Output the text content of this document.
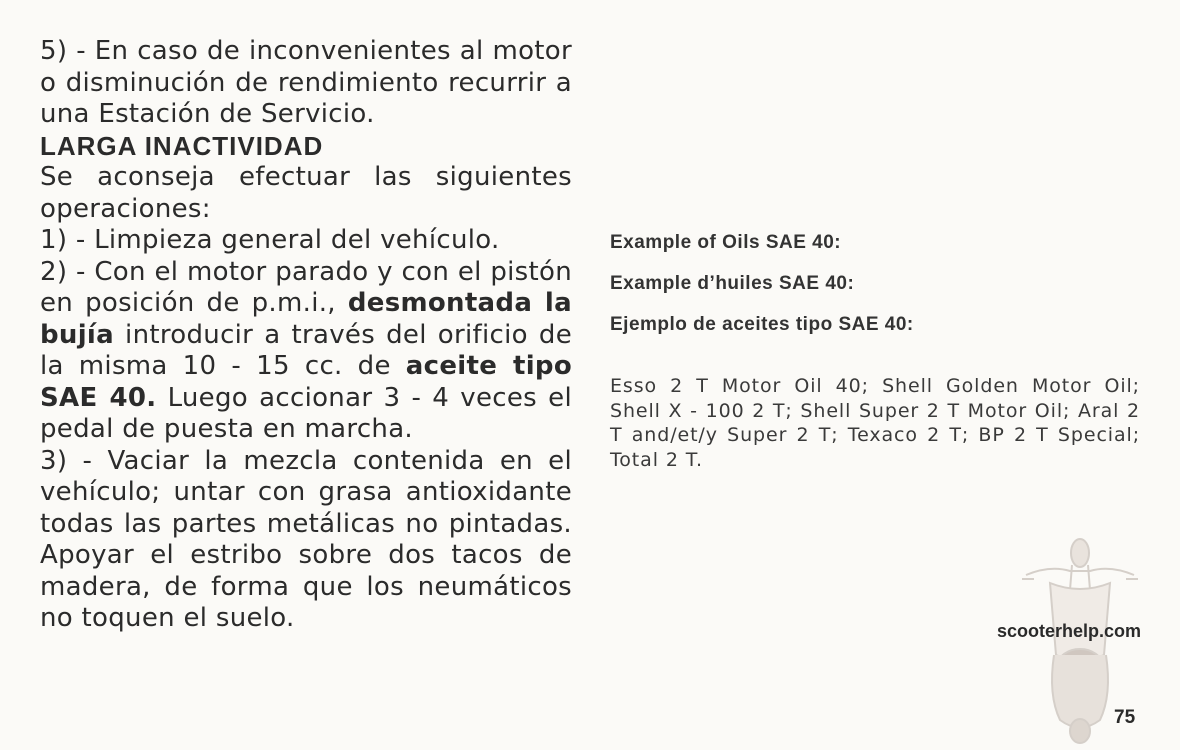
5) - En caso de inconvenientes al motor o disminución de rendimiento recurrir a una Estación de Servicio.

LARGA INACTIVIDAD

Se aconseja efectuar las siguientes operaciones:

1) - Limpieza general del vehículo.

2) - Con el motor parado y con el pistón en posición de p.m.i., desmontada la bujía introducir a través del orificio de la misma 10 - 15 cc. de aceite tipo SAE 40. Luego accionar 3 - 4 veces el pedal de puesta en marcha.

3) - Vaciar la mezcla contenida en el vehículo; untar con grasa antioxidante todas las partes metálicas no pintadas. Apoyar el estribo sobre dos tacos de madera, de forma que los neumáticos no toquen el suelo.

Example of Oils SAE 40:

Example d’huiles SAE 40:

Ejemplo de aceites tipo SAE 40:

Esso 2 T Motor Oil 40; Shell Golden Motor Oil; Shell X - 100 2 T; Shell Super 2 T Motor Oil; Aral 2 T and/et/y Super 2 T; Texaco 2 T; BP 2 T Special; Total 2 T.

scooterhelp.com
75
